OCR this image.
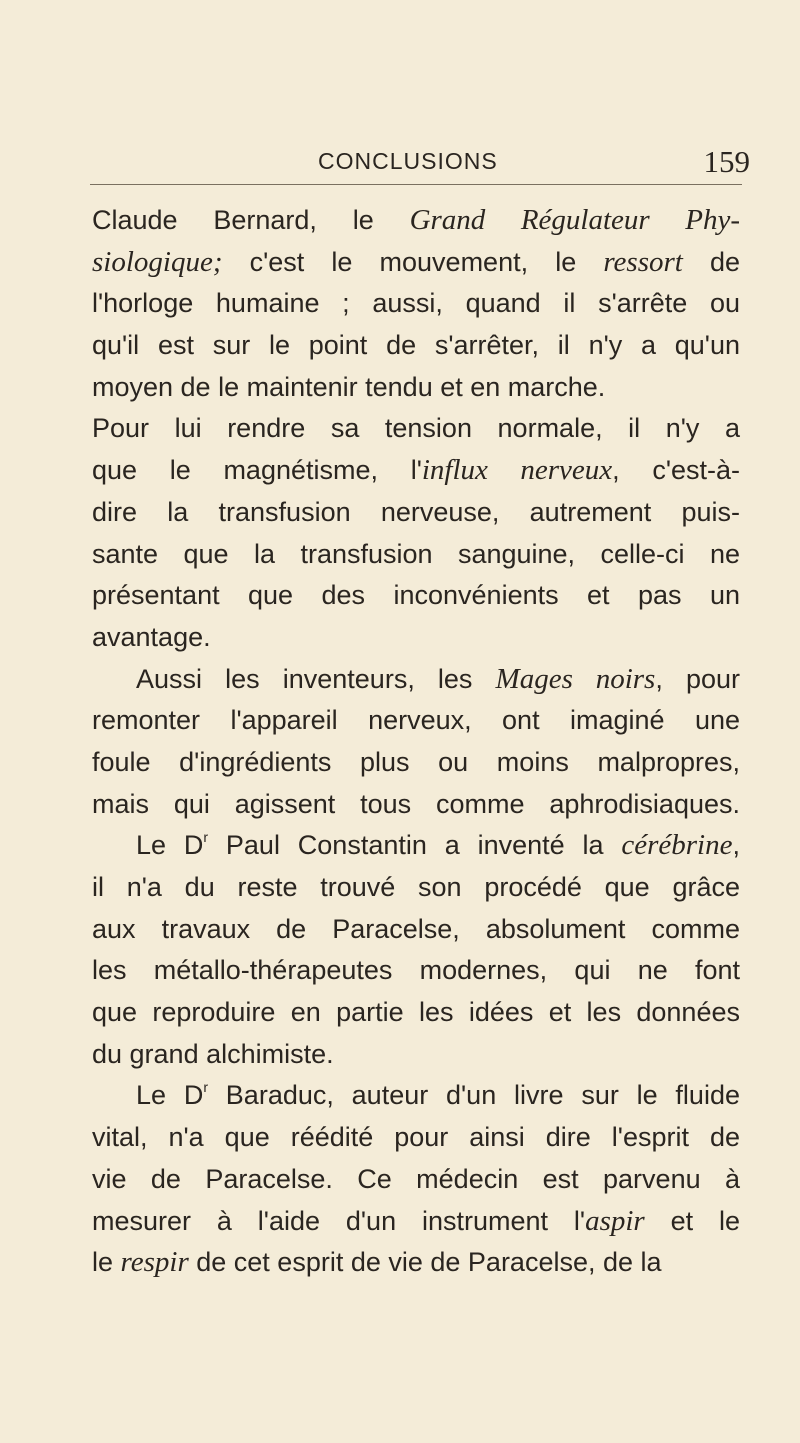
CONCLUSIONS	159
Claude Bernard, le Grand Régulateur Phy-
siologique; c'est le mouvement, le ressort de
l'horloge humaine ; aussi, quand il s'arrête ou
qu'il est sur le point de s'arrêter, il n'y a qu'un
moyen de le maintenir tendu et en marche.
Pour lui rendre sa tension normale, il n'y a
que le magnétisme, l'influx nerveux, c'est-à-
dire la transfusion nerveuse, autrement puis-
sante que la transfusion sanguine, celle-ci ne
présentant que des inconvénients et pas un
avantage.
Aussi les inventeurs, les Mages noirs, pour
remonter l'appareil nerveux, ont imaginé une
foule d'ingrédients plus ou moins malpropres,
mais qui agissent tous comme aphrodisiaques.
Le $D^r$ Paul Constantin a inventé la cérébrine,
il n'a du reste trouvé son procédé que grâce
aux travaux de Paracelse, absolument comme
les métallo-thérapeutes modernes, qui ne font
que reproduire en partie les idées et les données
du grand alchimiste.
Le $D^r$ Baraduc, auteur d'un livre sur le fluide
vital, n'a que réédité pour ainsi dire l'esprit de
vie de Paracelse. Ce médecin est parvenu à
mesurer à l'aide d'un instrument l'aspir et le
le respir de cet esprit de vie de Paracelse, de la
